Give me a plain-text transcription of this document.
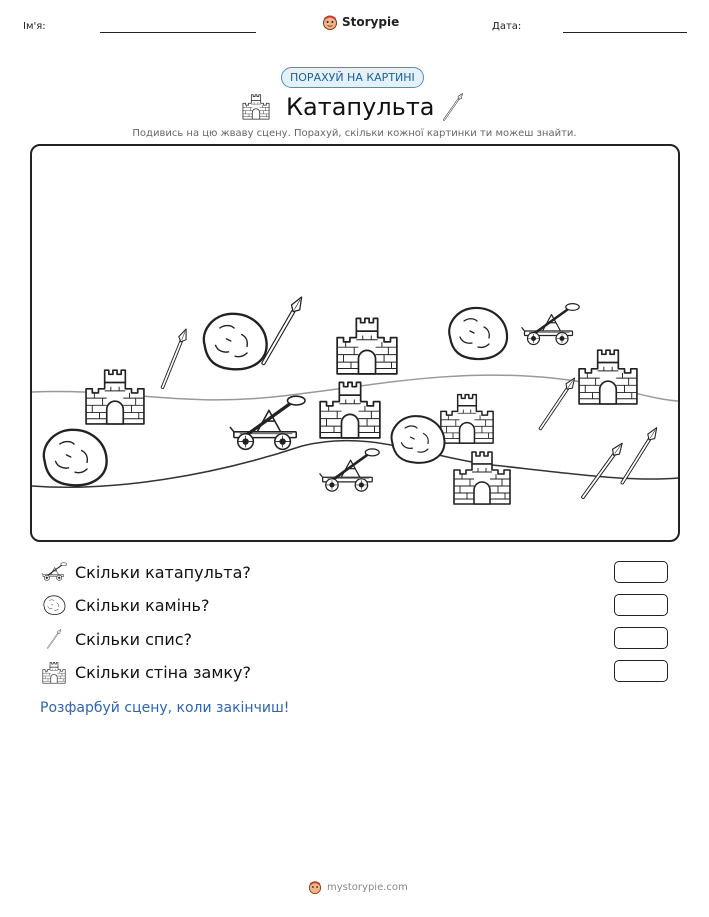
Ім'я:	Storypie	Дата:
ПОРАХУЙ НА КАРТИНІ
Катапульта
Подивись на цю жваву сцену. Порахуй, скільки кожної картинки ти можеш знайти.
Скільки катапульта?
Скільки камінь?
Скільки спис?
Скільки стіна замку?
Розфарбуй сцену, коли закінчиш!
mystorypie.com
